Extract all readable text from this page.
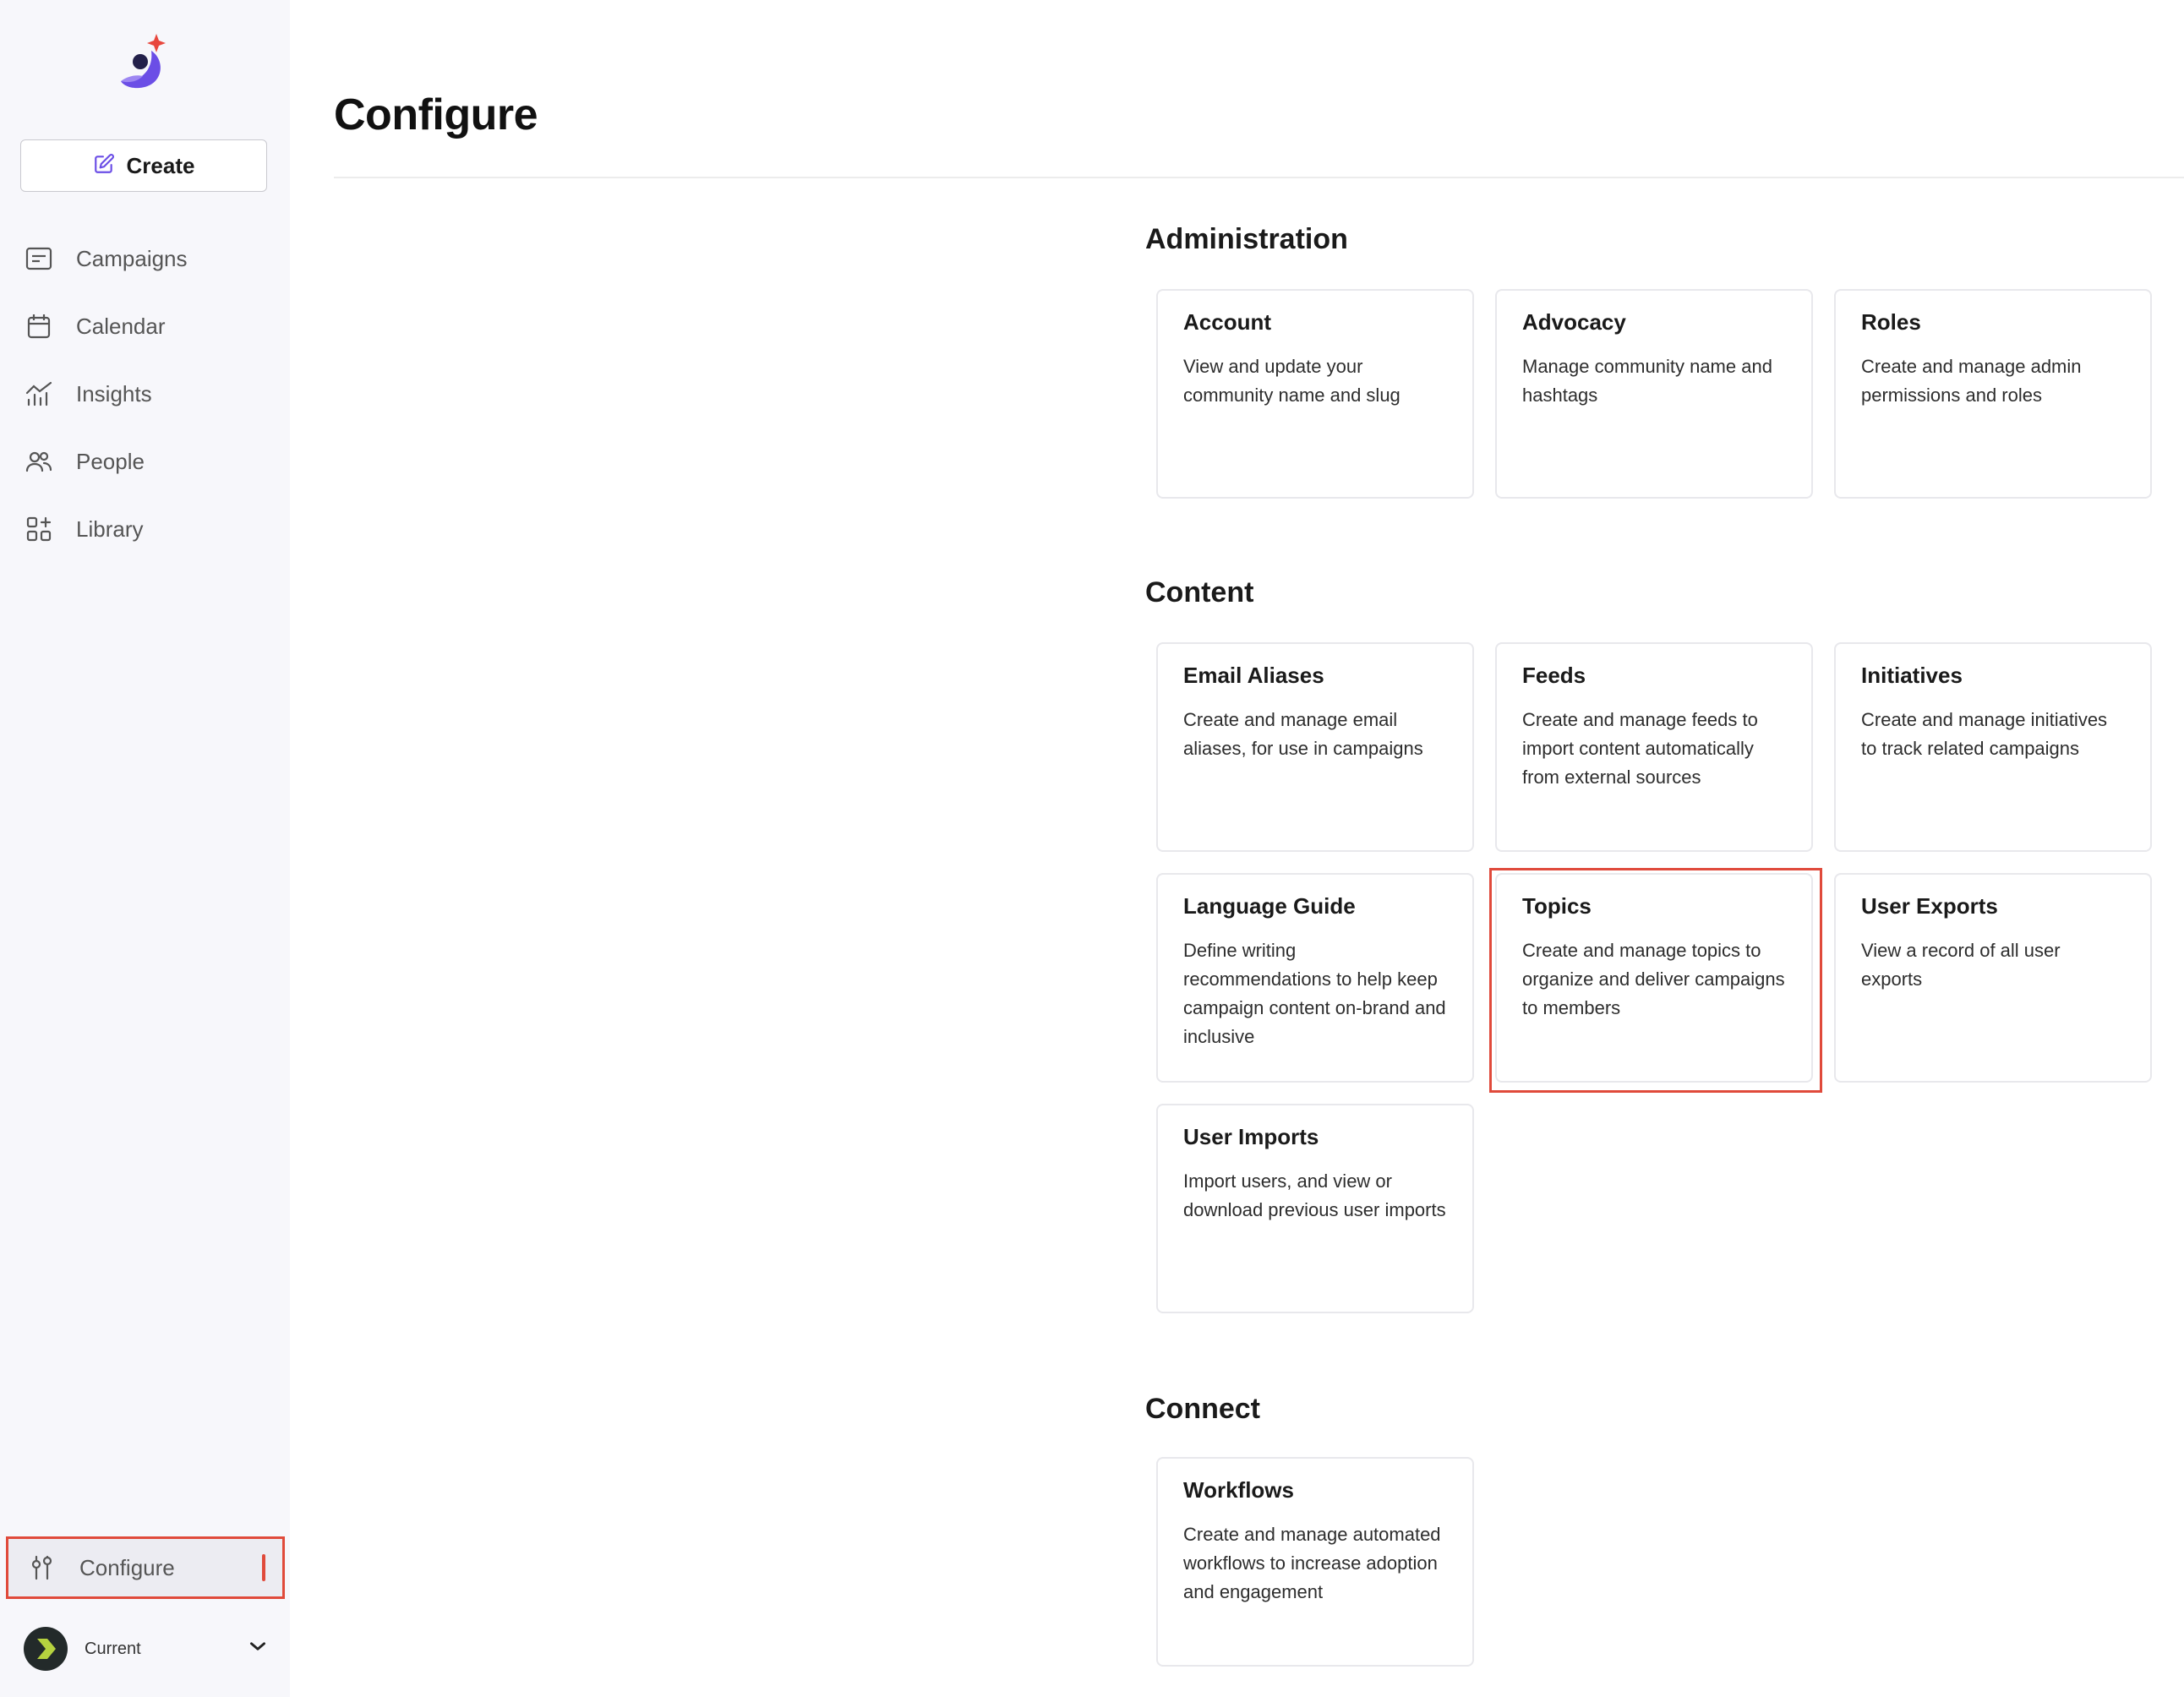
Create
Campaigns
Calendar
Insights
People
Library
Configure
Current
Configure
Administration
Account
View and update your community name and slug
Advocacy
Manage community name and hashtags
Roles
Create and manage admin permissions and roles
Content
Email Aliases
Create and manage email aliases, for use in campaigns
Feeds
Create and manage feeds to import content automatically from external sources
Initiatives
Create and manage initiatives to track related campaigns
Language Guide
Define writing recommendations to help keep campaign content on-brand and inclusive
Topics
Create and manage topics to organize and deliver campaigns to members
User Exports
View a record of all user exports
User Imports
Import users, and view or download previous user imports
Connect
Workflows
Create and manage automated workflows to increase adoption and engagement
